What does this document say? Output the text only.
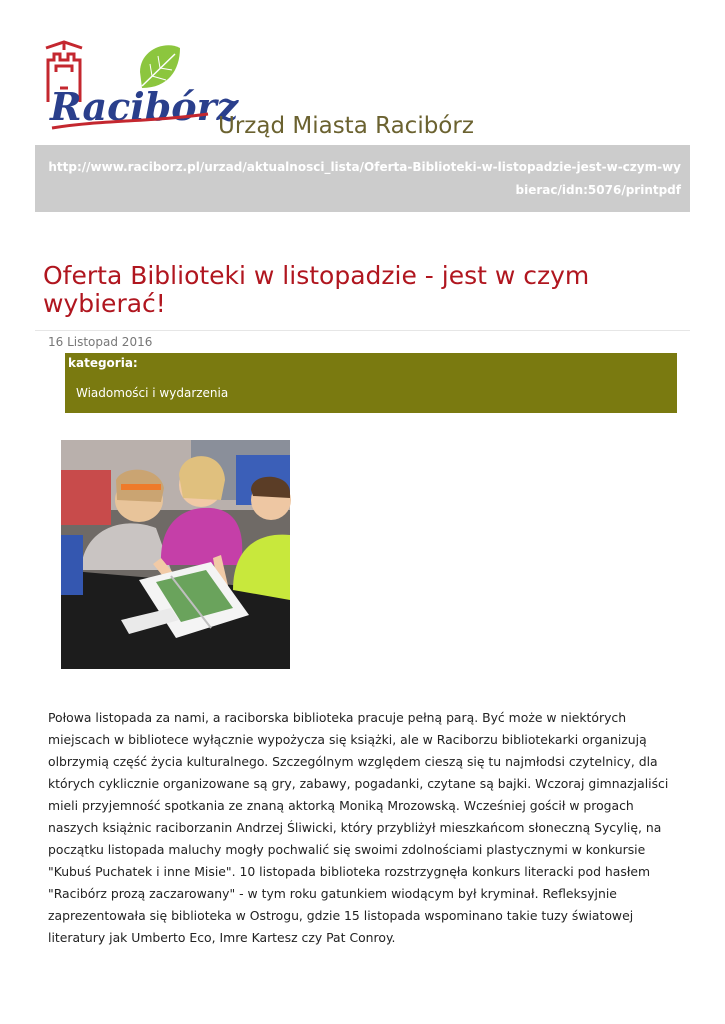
Racibórz
Urząd Miasta Racibórz
http://www.raciborz.pl/urzad/aktualnosci_lista/Oferta-Biblioteki-w-listopadzie-jest-w-czym-wybierac/idn:5076/printpdf
Oferta Biblioteki w listopadzie - jest w czym wybierać!
16 Listopad 2016
kategoria:
Wiadomości i wydarzenia

Połowa listopada za nami, a raciborska biblioteka pracuje pełną parą. Być może w niektórych miejscach w bibliotece wyłącznie wypożycza się książki, ale w Raciborzu bibliotekarki organizują olbrzymią część życia kulturalnego. Szczególnym względem cieszą się tu najmłodsi czytelnicy, dla których cyklicznie organizowane są gry, zabawy, pogadanki, czytane są bajki. Wczoraj gimnazjaliści mieli przyjemność spotkania ze znaną aktorką Moniką Mrozowską. Wcześniej gościł w progach naszych książnic raciborzanin Andrzej Śliwicki, który przybliżył mieszkańcom słoneczną Sycylię, na początku listopada maluchy mogły pochwalić się swoimi zdolnościami plastycznymi w konkursie "Kubuś Puchatek i inne Misie". 10 listopada biblioteka rozstrzygnęła konkurs literacki pod hasłem "Racibórz prozą zaczarowany" - w tym roku gatunkiem wiodącym był kryminał. Refleksyjnie zaprezentowała się biblioteka w Ostrogu, gdzie 15 listopada wspominano takie tuzy światowej literatury jak Umberto Eco, Imre Kartesz czy Pat Conroy.
